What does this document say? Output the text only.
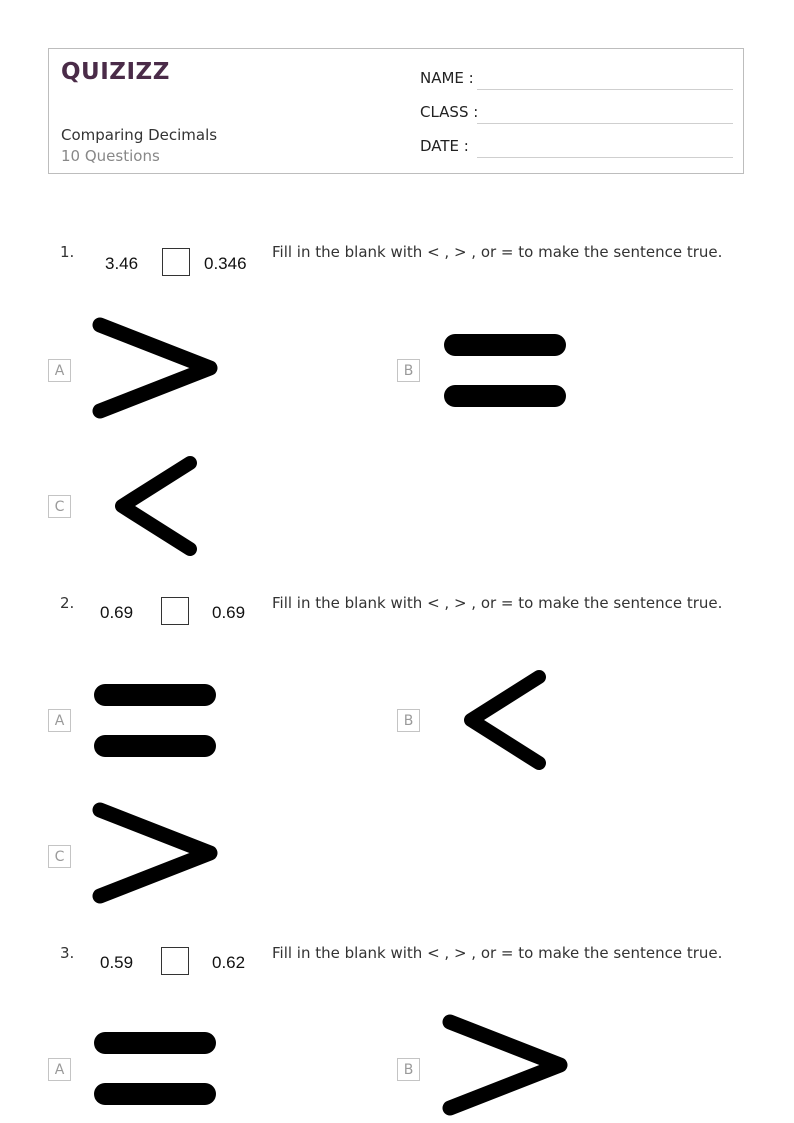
QUIZIZZ
Comparing Decimals
10 Questions
NAME :
CLASS :
DATE :
1.
3.46	0.346
Fill in the blank with < , > , or = to make the sentence true.
A	B
C
2. 0.69	0.69 Fill in the blank with < , > , or = to make the sentence true.
A	B
C
3. 0.59	0.62 Fill in the blank with < , > , or = to make the sentence true.
A	B
